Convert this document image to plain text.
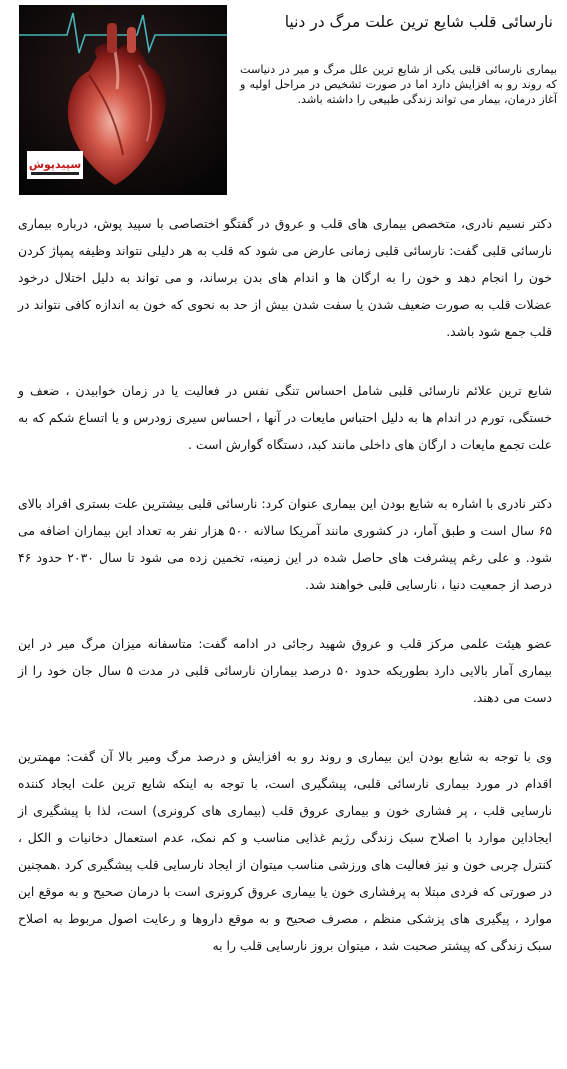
سپیدپوش
نارسائی قلب شایع ترین علت مرگ در دنیا
بیماری نارسائی قلبی یکی از شایع ترین علل مرگ و میر در دنیاست که روند رو به افزایش دارد اما در صورت تشخیص در مراحل اولیه و آغاز درمان، بیمار می تواند زندگی طبیعی را داشته باشد.

دکتر نسیم نادری، متخصص بیماری های قلب و عروق در گفتگو اختصاصی با سپید پوش، درباره بیماری نارسائی قلبی گفت: نارسائی قلبی زمانی عارض می شود که قلب به هر دلیلی نتواند وظیفه پمپاژ کردن خون را انجام دهد و خون را به ارگان ها و اندام های بدن برساند، و می تواند به دلیل اختلال درخود عضلات قلب به صورت ضعیف شدن یا سفت شدن بیش از حد به نحوی که خون به اندازه کافی نتواند در قلب جمع شود باشد.

شایع ترین علائم نارسائی قلبی شامل احساس تنگی نفس در فعالیت یا در زمان خوابیدن ، ضعف و خستگی، تورم در اندام ها به دلیل احتباس مایعات در آنها ، احساس سیری زودرس و یا اتساع شکم که به علت تجمع مایعات د ارگان های داخلی مانند کبد، دستگاه گوارش است .

دکتر نادری با اشاره به شایع بودن این بیماری عنوان کرد: نارسائی قلبی بیشترین علت بستری افراد بالای ۶۵ سال است و طبق آمار، در کشوری مانند آمریکا سالانه ۵۰۰ هزار نفر به تعداد این بیماران اضافه می شود. و علی رغم پیشرفت های حاصل شده در این زمینه، تخمین زده می شود تا سال ۲۰۳۰ حدود ۴۶ درصد از جمعیت دنیا ، نارسایی قلبی خواهند شد.

عضو هیئت علمی مرکز قلب و عروق شهید رجائی در ادامه گفت: متاسفانه میزان مرگ میر در این بیماری آمار بالایی دارد بطوریکه حدود ۵۰ درصد بیماران نارسائی قلبی در مدت ۵ سال جان خود را از دست می دهند.

وی با توجه به شایع بودن این بیماری و روند رو به افزایش و درصد مرگ ومیر بالا آن گفت: مهمترین اقدام در مورد بیماری نارسائی قلبی، پیشگیری است، با توجه به اینکه شایع ترین علت ایجاد کننده نارسایی قلب ، پر فشاری خون و بیماری عروق قلب (بیماری های کرونری) است، لذا با پیشگیری از ایجاداین موارد با اصلاح سبک زندگی رژیم غذایی مناسب و کم نمک، عدم استعمال دخانیات و الکل ، کنترل چربی خون و نیز فعالیت های ورزشی مناسب میتوان از ایجاد نارسایی قلب پیشگیری کرد .همچنین در صورتی که فردی مبتلا به پرفشاری خون یا بیماری عروق کرونری است با درمان صحیح و به موقع این موارد ، پیگیری های پزشکی منظم ، مصرف صحیح و به موقع داروها و رعایت اصول مربوط به اصلاح سبک زندگی که پیشتر صحبت شد ، میتوان بروز نارسایی قلب را به
